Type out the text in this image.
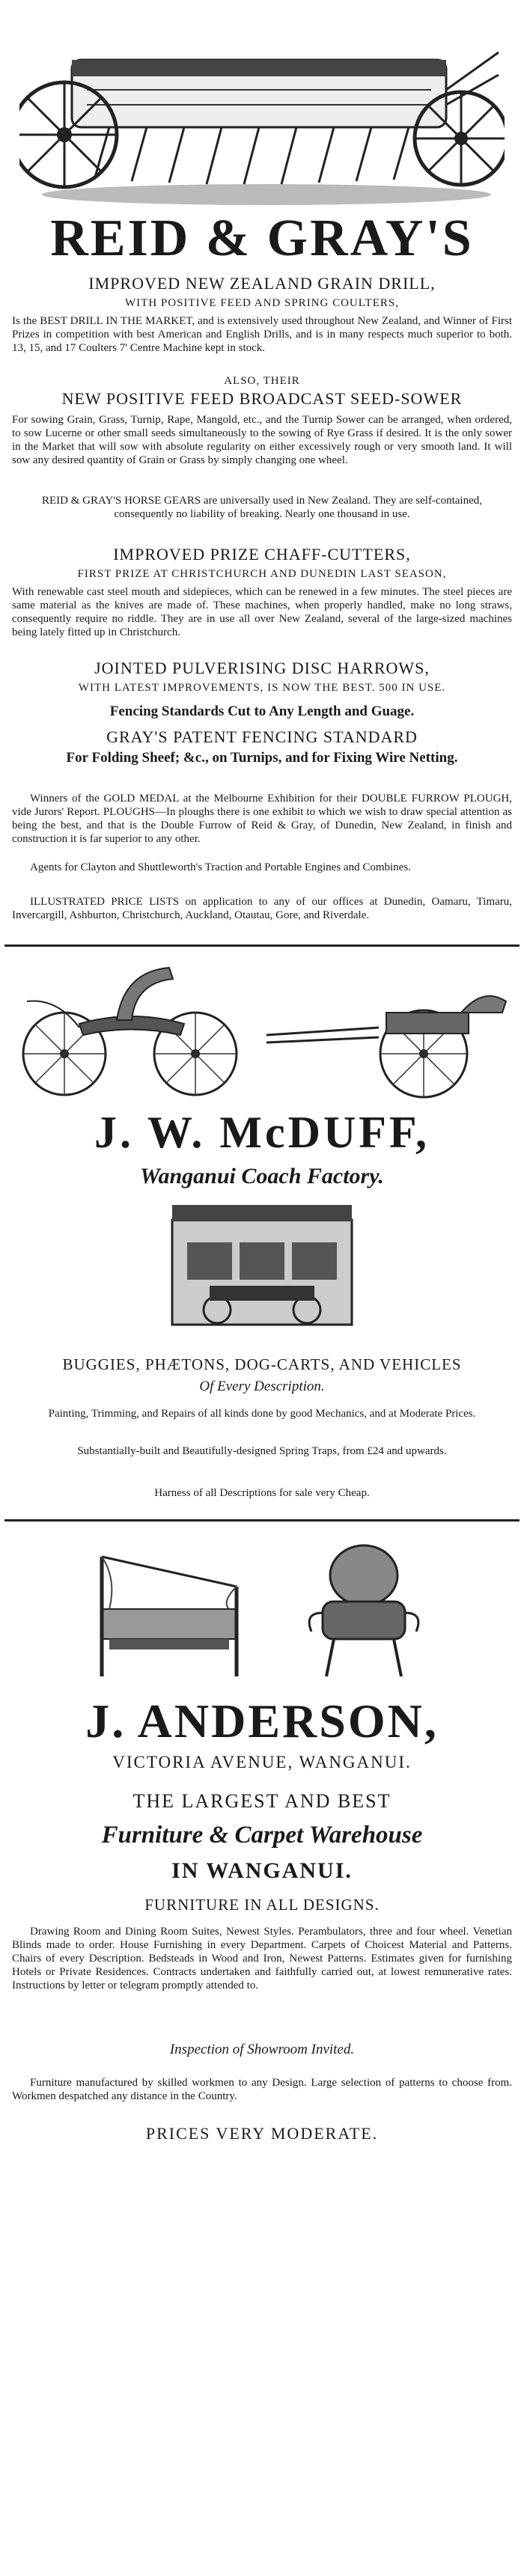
REID & GRAY'S
IMPROVED NEW ZEALAND GRAIN DRILL,
WITH POSITIVE FEED AND SPRING COULTERS,
Is the BEST DRILL IN THE MARKET, and is extensively used throughout New Zealand, and Winner of First Prizes in competition with best American and English Drills, and is in many respects much superior to both. 13, 15, and 17 Coulters 7' Centre Machine kept in stock.
ALSO, THEIR
NEW POSITIVE FEED BROADCAST SEED-SOWER
For sowing Grain, Grass, Turnip, Rape, Mangold, etc., and the Turnip Sower can be arranged, when ordered, to sow Lucerne or other small seeds simultaneously to the sowing of Rye Grass if desired. It is the only sower in the Market that will sow with absolute regularity on either excessively rough or very smooth land. It will sow any desired quantity of Grain or Grass by simply changing one wheel.
REID & GRAY'S HORSE GEARS are universally used in New Zealand. They are self-contained, consequently no liability of breaking. Nearly one thousand in use.
IMPROVED PRIZE CHAFF-CUTTERS,
FIRST PRIZE AT CHRISTCHURCH AND DUNEDIN LAST SEASON,
With renewable cast steel mouth and sidepieces, which can be renewed in a few minutes. The steel pieces are same material as the knives are made of. These machines, when properly handled, make no long straws, consequently require no riddle. They are in use all over New Zealand, several of the large-sized machines being lately fitted up in Christchurch.
JOINTED PULVERISING DISC HARROWS,
WITH LATEST IMPROVEMENTS, IS NOW THE BEST. 500 IN USE.
Fencing Standards Cut to Any Length and Guage.
GRAY'S PATENT FENCING STANDARD
For Folding Sheef; &c., on Turnips, and for Fixing Wire Netting.
Winners of the GOLD MEDAL at the Melbourne Exhibition for their DOUBLE FURROW PLOUGH, vide Jurors' Report. PLOUGHS—In ploughs there is one exhibit to which we wish to draw special attention as being the best, and that is the Double Furrow of Reid & Gray, of Dunedin, New Zealand, in finish and construction it is far superior to any other.
Agents for Clayton and Shuttleworth's Traction and Portable Engines and Combines.
ILLUSTRATED PRICE LISTS on application to any of our offices at Dunedin, Oamaru, Timaru, Invercargill, Ashburton, Christchurch, Auckland, Otautau, Gore, and Riverdale.
J. W. McDUFF,
Wanganui Coach Factory.
BUGGIES, PHÆTONS, DOG-CARTS, AND VEHICLES
Of Every Description.
Painting, Trimming, and Repairs of all kinds done by good Mechanics, and at Moderate Prices.
Substantially-built and Beautifully-designed Spring Traps, from £24 and upwards.
Harness of all Descriptions for sale very Cheap.
J. ANDERSON,
VICTORIA AVENUE, WANGANUI.
THE LARGEST AND BEST
Furniture & Carpet Warehouse
IN WANGANUI.
FURNITURE IN ALL DESIGNS.
Drawing Room and Dining Room Suites, Newest Styles. Perambulators, three and four wheel. Venetian Blinds made to order. House Furnishing in every Department. Carpets of Choicest Material and Patterns. Chairs of every Description. Bedsteads in Wood and Iron, Newest Patterns. Estimates given for furnishing Hotels or Private Residences. Contracts undertaken and faithfully carried out, at lowest remunerative rates. Instructions by letter or telegram promptly attended to.
Inspection of Showroom Invited.
Furniture manufactured by skilled workmen to any Design. Large selection of patterns to choose from. Workmen despatched any distance in the Country.
PRICES VERY MODERATE.
